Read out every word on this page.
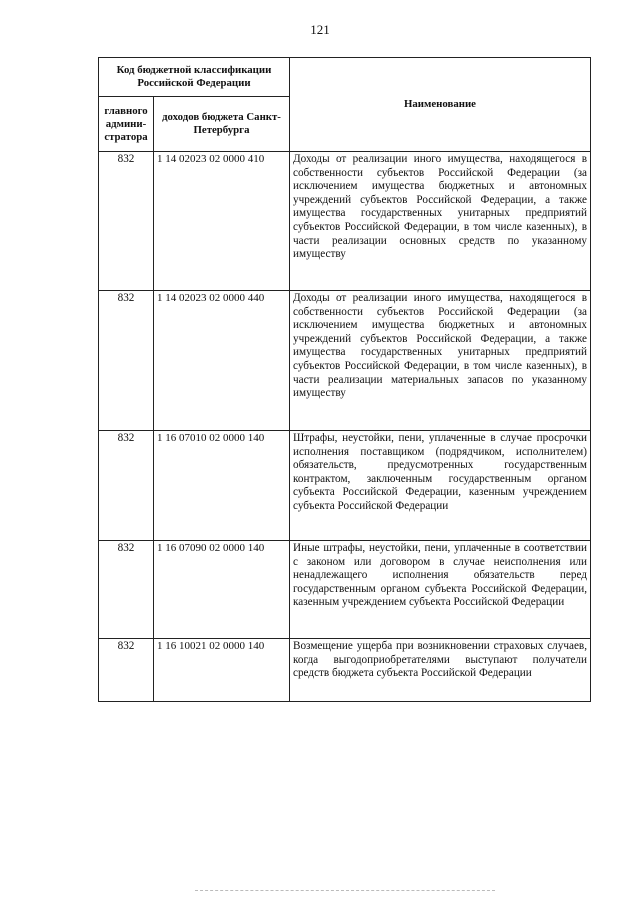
121
Код бюджетной классификации Российской Федерации		Наименование
главного админи-стратора	доходов бюджета Санкт-Петербурга	
832	1 14 02023 02 0000 410	Доходы от реализации иного имущества, находящегося в собственности субъектов Российской Федерации (за исключением имущества бюджетных и автономных учреждений субъектов Российской Федерации, а также имущества государственных унитарных предприятий субъектов Российской Федерации, в том числе казенных), в части реализации основных средств по указанному имуществу
832	1 14 02023 02 0000 440	Доходы от реализации иного имущества, находящегося в собственности субъектов Российской Федерации (за исключением имущества бюджетных и автономных учреждений субъектов Российской Федерации, а также имущества государственных унитарных предприятий субъектов Российской Федерации, в том числе казенных), в части реализации материальных запасов по указанному имуществу
832	1 16 07010 02 0000 140	Штрафы, неустойки, пени, уплаченные в случае просрочки исполнения поставщиком (подрядчиком, исполнителем) обязательств, предусмотренных государственным контрактом, заключенным государственным органом субъекта Российской Федерации, казенным учреждением субъекта Российской Федерации
832	1 16 07090 02 0000 140	Иные штрафы, неустойки, пени, уплаченные в соответствии с законом или договором в случае неисполнения или ненадлежащего исполнения обязательств перед государственным органом субъекта Российской Федерации, казенным учреждением субъекта Российской Федерации
832	1 16 10021 02 0000 140	Возмещение ущерба при возникновении страховых случаев, когда выгодоприобретателями выступают получатели средств бюджета субъекта Российской Федерации
